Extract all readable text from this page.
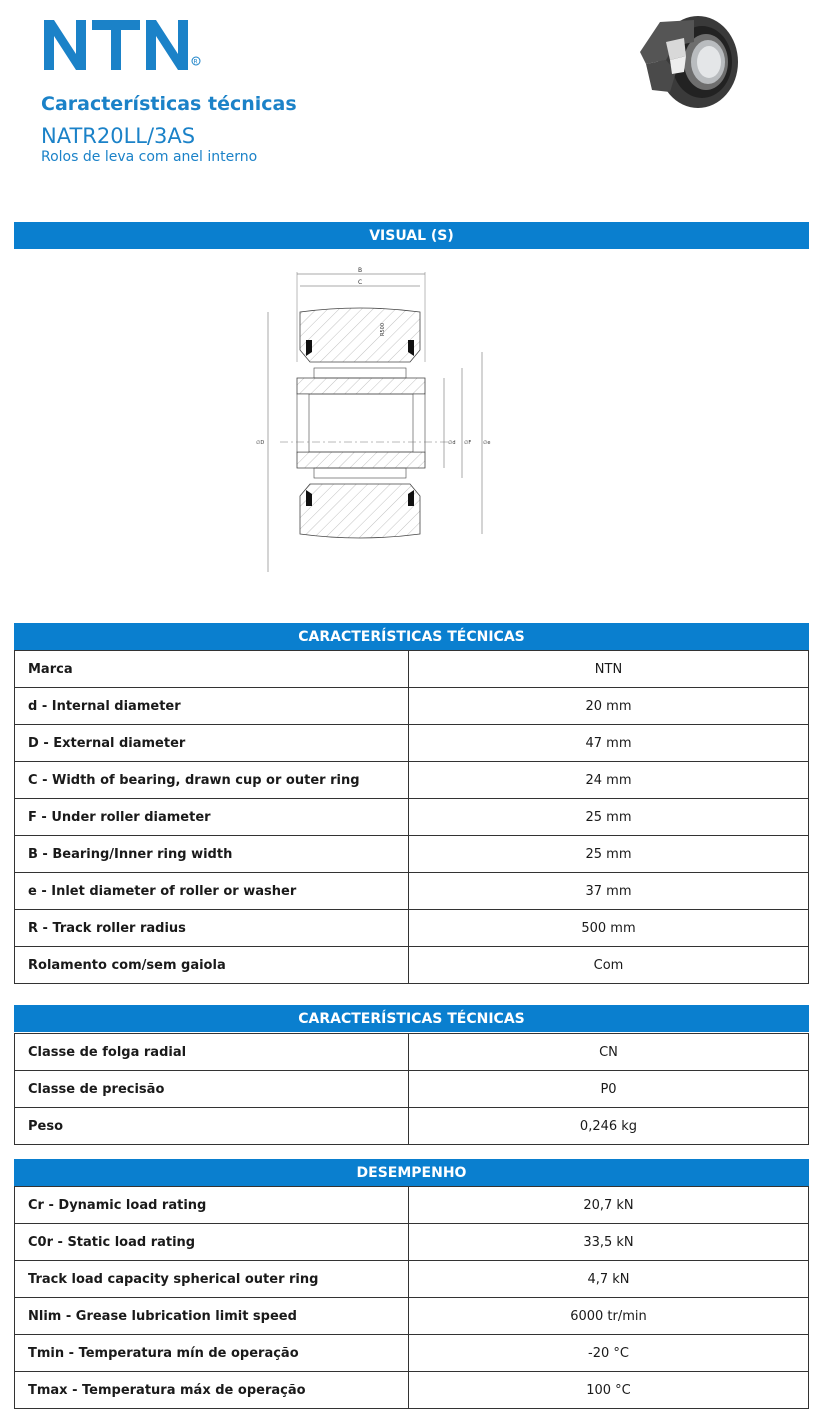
R
Características técnicas
NATR20LL/3AS
Rolos de leva com anel interno
VISUAL (S)
B
C
∅D	∅d ∅F ∅e
R500
CARACTERÍSTICAS TÉCNICAS
Marca	NTN
d - Internal diameter	20 mm
D - External diameter	47 mm
C - Width of bearing, drawn cup or outer ring	24 mm
F - Under roller diameter	25 mm
B - Bearing/Inner ring width	25 mm
e - Inlet diameter of roller or washer	37 mm
R - Track roller radius	500 mm
Rolamento com/sem gaiola	Com
CARACTERÍSTICAS TÉCNICAS
Classe de folga radial	CN
Classe de precisão	P0
Peso	0,246 kg
DESEMPENHO
Cr - Dynamic load rating	20,7 kN
C0r - Static load rating	33,5 kN
Track load capacity spherical outer ring	4,7 kN
Nlim - Grease lubrication limit speed	6000 tr/min
Tmin - Temperatura mín de operação	-20 °C
Tmax - Temperatura máx de operação	100 °C
